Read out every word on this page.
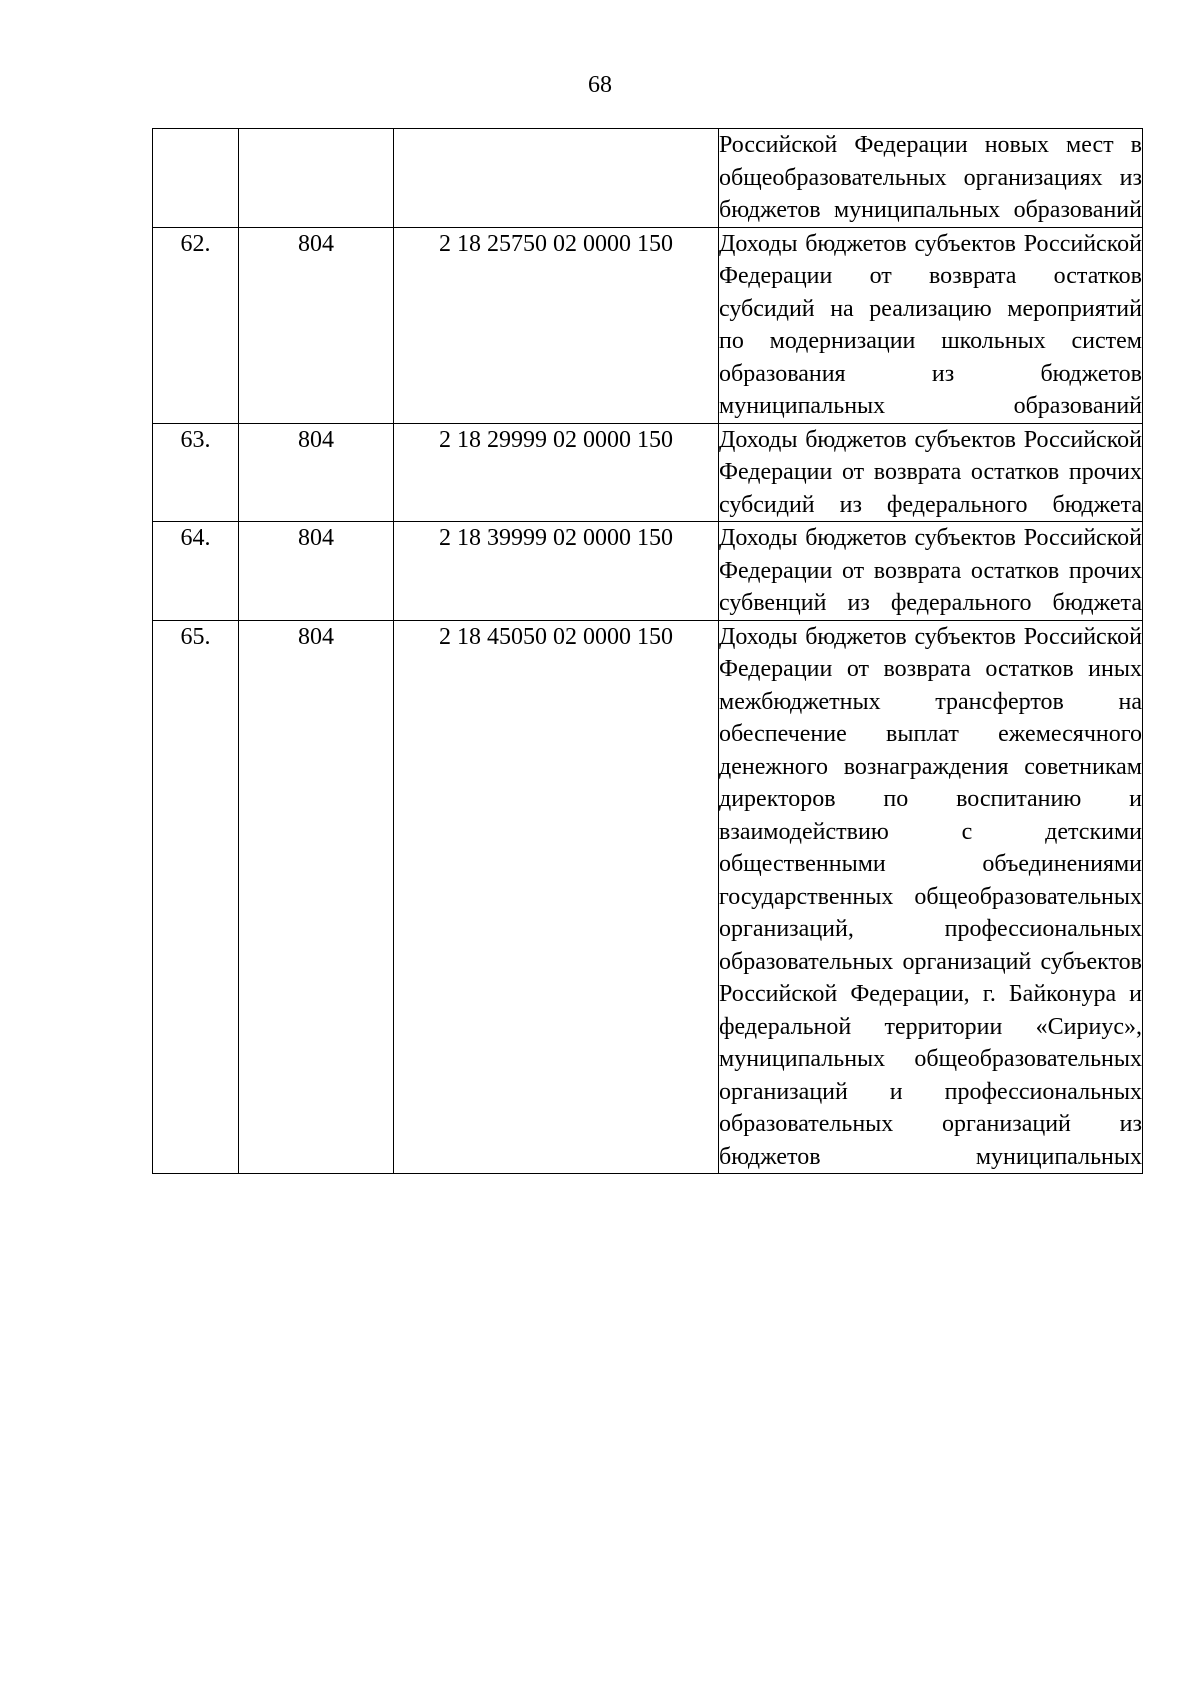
68

			Российской Федерации новых мест в общеобразовательных организациях из бюджетов муниципальных образований

62.	804	2 18 25750 02 0000 150	Доходы бюджетов субъектов Российской Федерации от возврата остатков субсидий на реализацию мероприятий по модернизации школьных систем образования из бюджетов муниципальных образований

63.	804	2 18 29999 02 0000 150	Доходы бюджетов субъектов Российской Федерации от возврата остатков прочих субсидий из федерального бюджета

64.	804	2 18 39999 02 0000 150	Доходы бюджетов субъектов Российской Федерации от возврата остатков прочих субвенций из федерального бюджета

65.	804	2 18 45050 02 0000 150	Доходы бюджетов субъектов Российской Федерации от возврата остатков иных межбюджетных трансфертов на обеспечение выплат ежемесячного денежного вознаграждения советникам директоров по воспитанию и взаимодействию с детскими общественными объединениями государственных общеобразовательных организаций, профессиональных образовательных организаций субъектов Российской Федерации, г. Байконура и федеральной территории «Сириус», муниципальных общеобразовательных организаций и профессиональных образовательных организаций из бюджетов муниципальных
